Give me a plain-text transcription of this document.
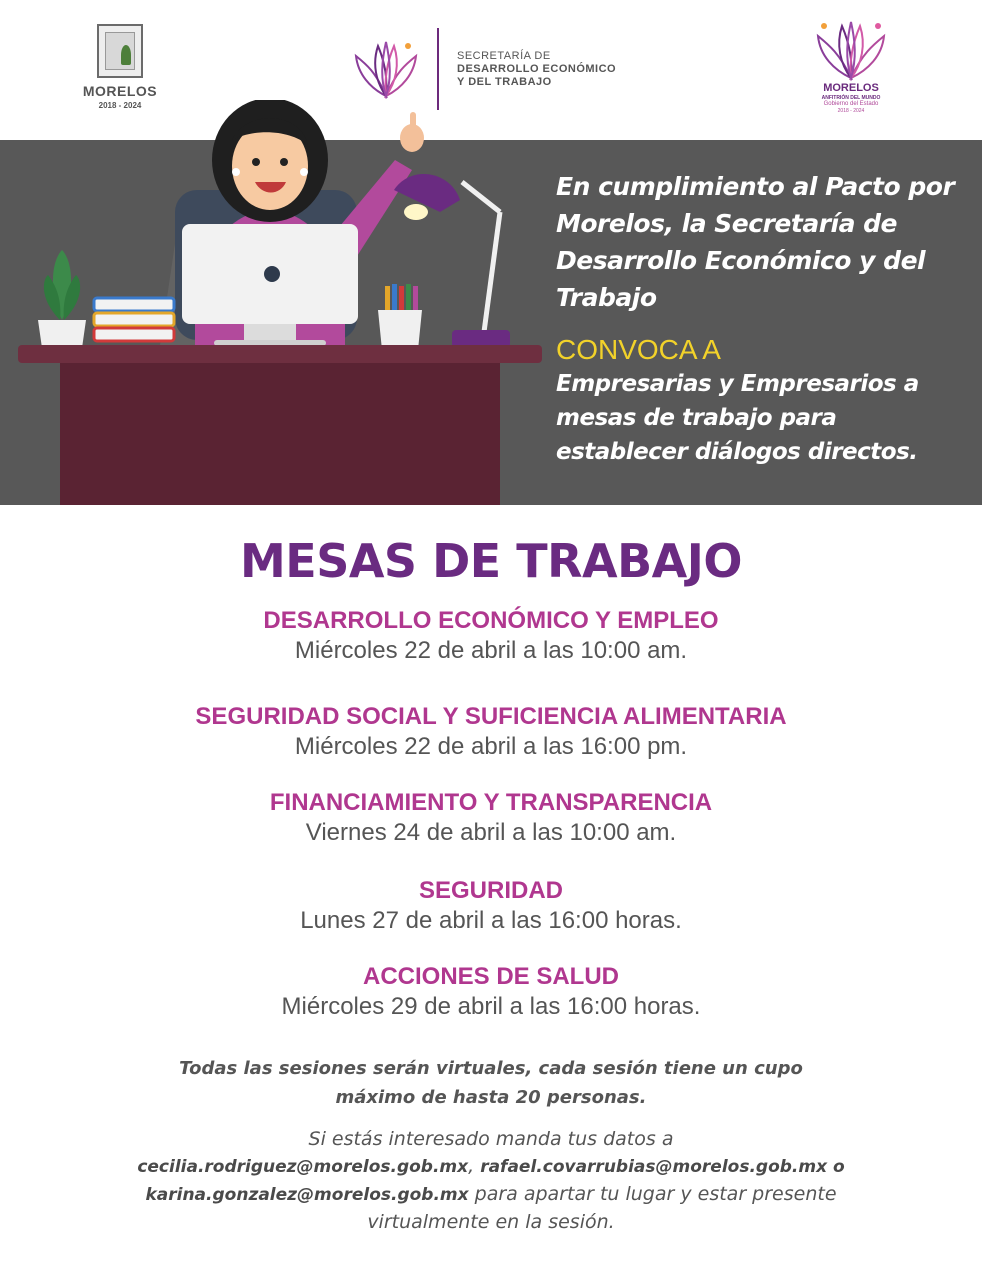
MORELOS
2018 - 2024
SECRETARÍA DE
DESARROLLO ECONÓMICO
Y DEL TRABAJO	MORELOS
ANFITRIÓN DEL MUNDO
Gobierno del Estado
2018 - 2024
En cumplimiento al Pacto por Morelos, la Secretaría de Desarrollo Económico y del Trabajo
CONVOCA A
Empresarias y Empresarios a mesas de trabajo para establecer diálogos directos.
MESAS DE TRABAJO
DESARROLLO ECONÓMICO Y EMPLEO
Miércoles 22 de abril a las 10:00 am.
SEGURIDAD SOCIAL Y SUFICIENCIA ALIMENTARIA
Miércoles 22 de abril a las 16:00 pm.
FINANCIAMIENTO Y TRANSPARENCIA
Viernes 24 de abril a las 10:00 am.
SEGURIDAD
Lunes 27 de abril a las 16:00 horas.
ACCIONES DE SALUD
Miércoles 29 de abril a las 16:00 horas.
Todas las sesiones serán virtuales, cada sesión tiene un cupo
máximo de hasta 20 personas.
Si estás interesado manda tus datos a
cecilia.rodriguez@morelos.gob.mx, rafael.covarrubias@morelos.gob.mx o
karina.gonzalez@morelos.gob.mx para apartar tu lugar y estar presente
virtualmente en la sesión.
